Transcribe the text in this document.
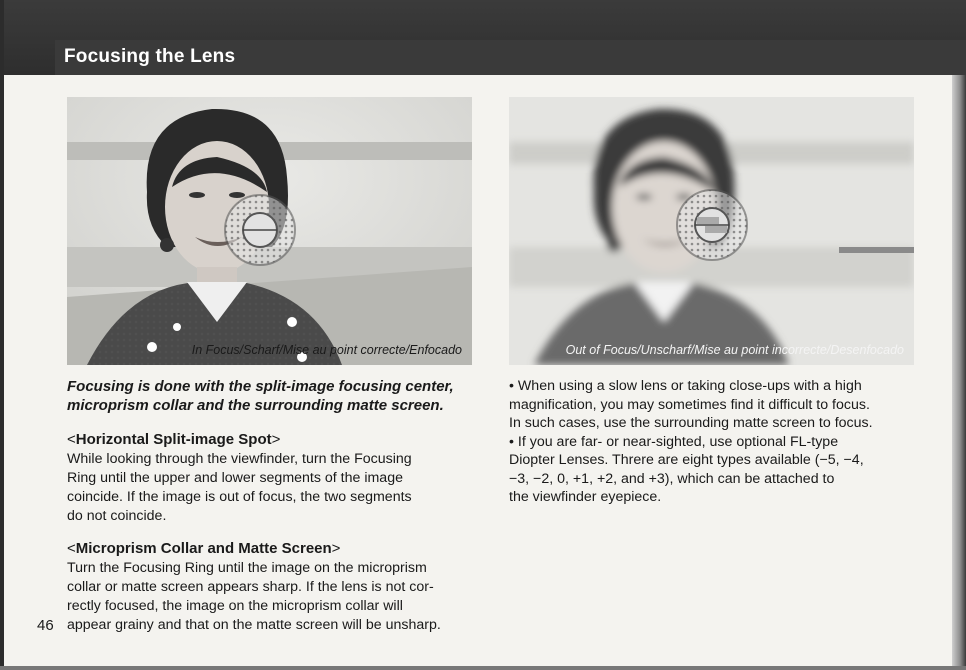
Focusing the Lens
In Focus/Scharf/Mise au point correcte/Enfocado	Out of Focus/Unscharf/Mise au point incorrecte/Desenfocado
Focusing is done with the split-image focusing center, microprism collar and the surrounding matte screen.
<Horizontal Split-image Spot>
While looking through the viewfinder, turn the Focusing
Ring until the upper and lower segments of the image
coincide. If the image is out of focus, the two segments
do not coincide.
<Microprism Collar and Matte Screen>
Turn the Focusing Ring until the image on the microprism
collar or matte screen appears sharp. If the lens is not cor-
rectly focused, the image on the microprism collar will
appear grainy and that on the matte screen will be unsharp.
• When using a slow lens or taking close-ups with a high
magnification, you may sometimes find it difficult to focus.
In such cases, use the surrounding matte screen to focus.
• If you are far- or near-sighted, use optional FL-type
Diopter Lenses. Threre are eight types available (−5, −4,
−3, −2, 0, +1, +2, and +3), which can be attached to
the viewfinder eyepiece.
46
